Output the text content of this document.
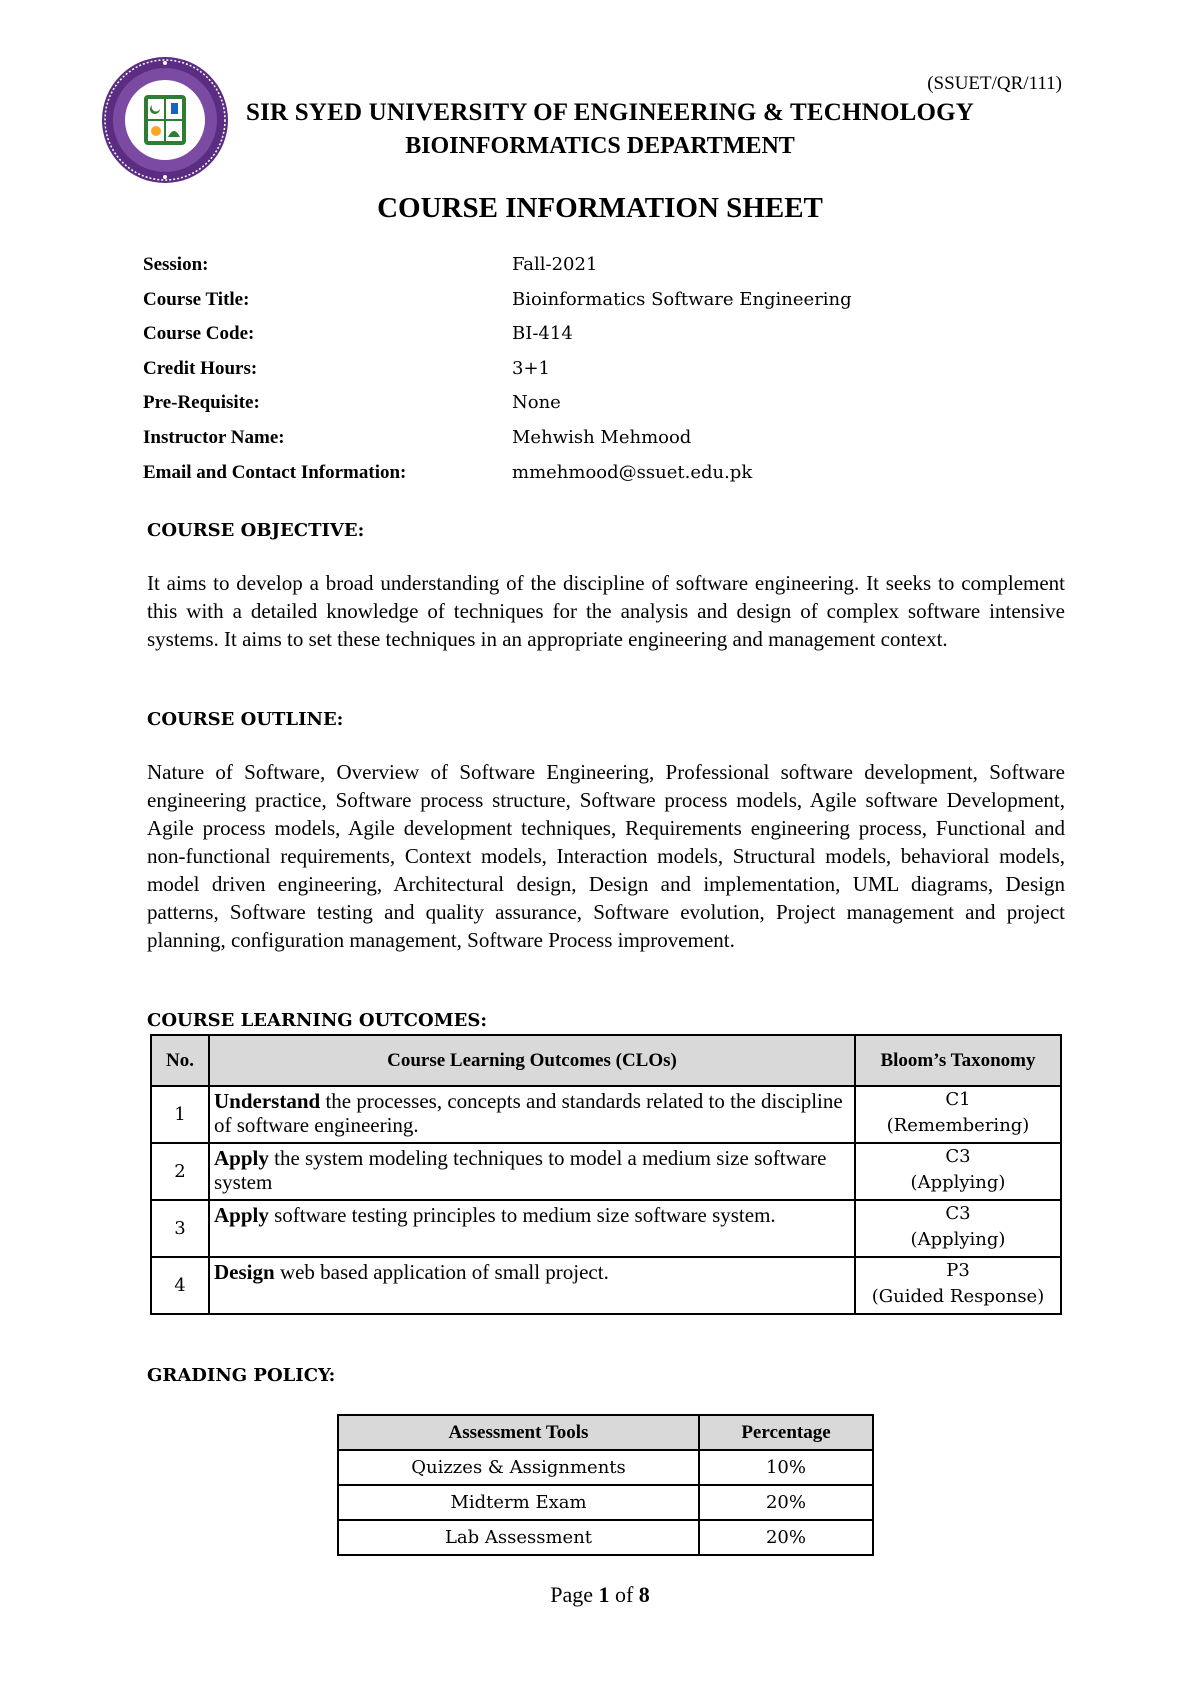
(SSUET/QR/111)
SIR SYED UNIVERSITY OF ENGINEERING & TECHNOLOGY
BIOINFORMATICS DEPARTMENT
COURSE INFORMATION SHEET
Session:	Fall-2021
Course Title:	Bioinformatics Software Engineering
Course Code:	BI-414
Credit Hours:	3+1
Pre-Requisite:	None
Instructor Name:	Mehwish Mehmood
Email and Contact Information:	mmehmood@ssuet.edu.pk
COURSE OBJECTIVE:
It aims to develop a broad understanding of the discipline of software engineering. It seeks to complement this with a detailed knowledge of techniques for the analysis and design of complex software intensive systems. It aims to set these techniques in an appropriate engineering and management context.
COURSE OUTLINE:
Nature of Software, Overview of Software Engineering, Professional software development, Software engineering practice, Software process structure, Software process models, Agile software Development, Agile process models, Agile development techniques, Requirements engineering process, Functional and non-functional requirements, Context models, Interaction models, Structural models, behavioral models, model driven engineering, Architectural design, Design and implementation, UML diagrams, Design patterns, Software testing and quality assurance, Software evolution, Project management and project planning, configuration management, Software Process improvement.
COURSE LEARNING OUTCOMES:
No.	Course Learning Outcomes (CLOs)	Bloom’s Taxonomy
1	Understand the processes, concepts and standards related to the discipline of software engineering.	C1
(Remembering)

2	Apply the system modeling techniques to model a medium size software system	C3
(Applying)

3	Apply software testing principles to medium size software system.	C3
(Applying)

4	Design web based application of small project.	P3
(Guided Response)
GRADING POLICY:
Assessment Tools	Percentage
Quizzes & Assignments	10%
Midterm Exam	20%
Lab Assessment	20%
Page 1 of 8
